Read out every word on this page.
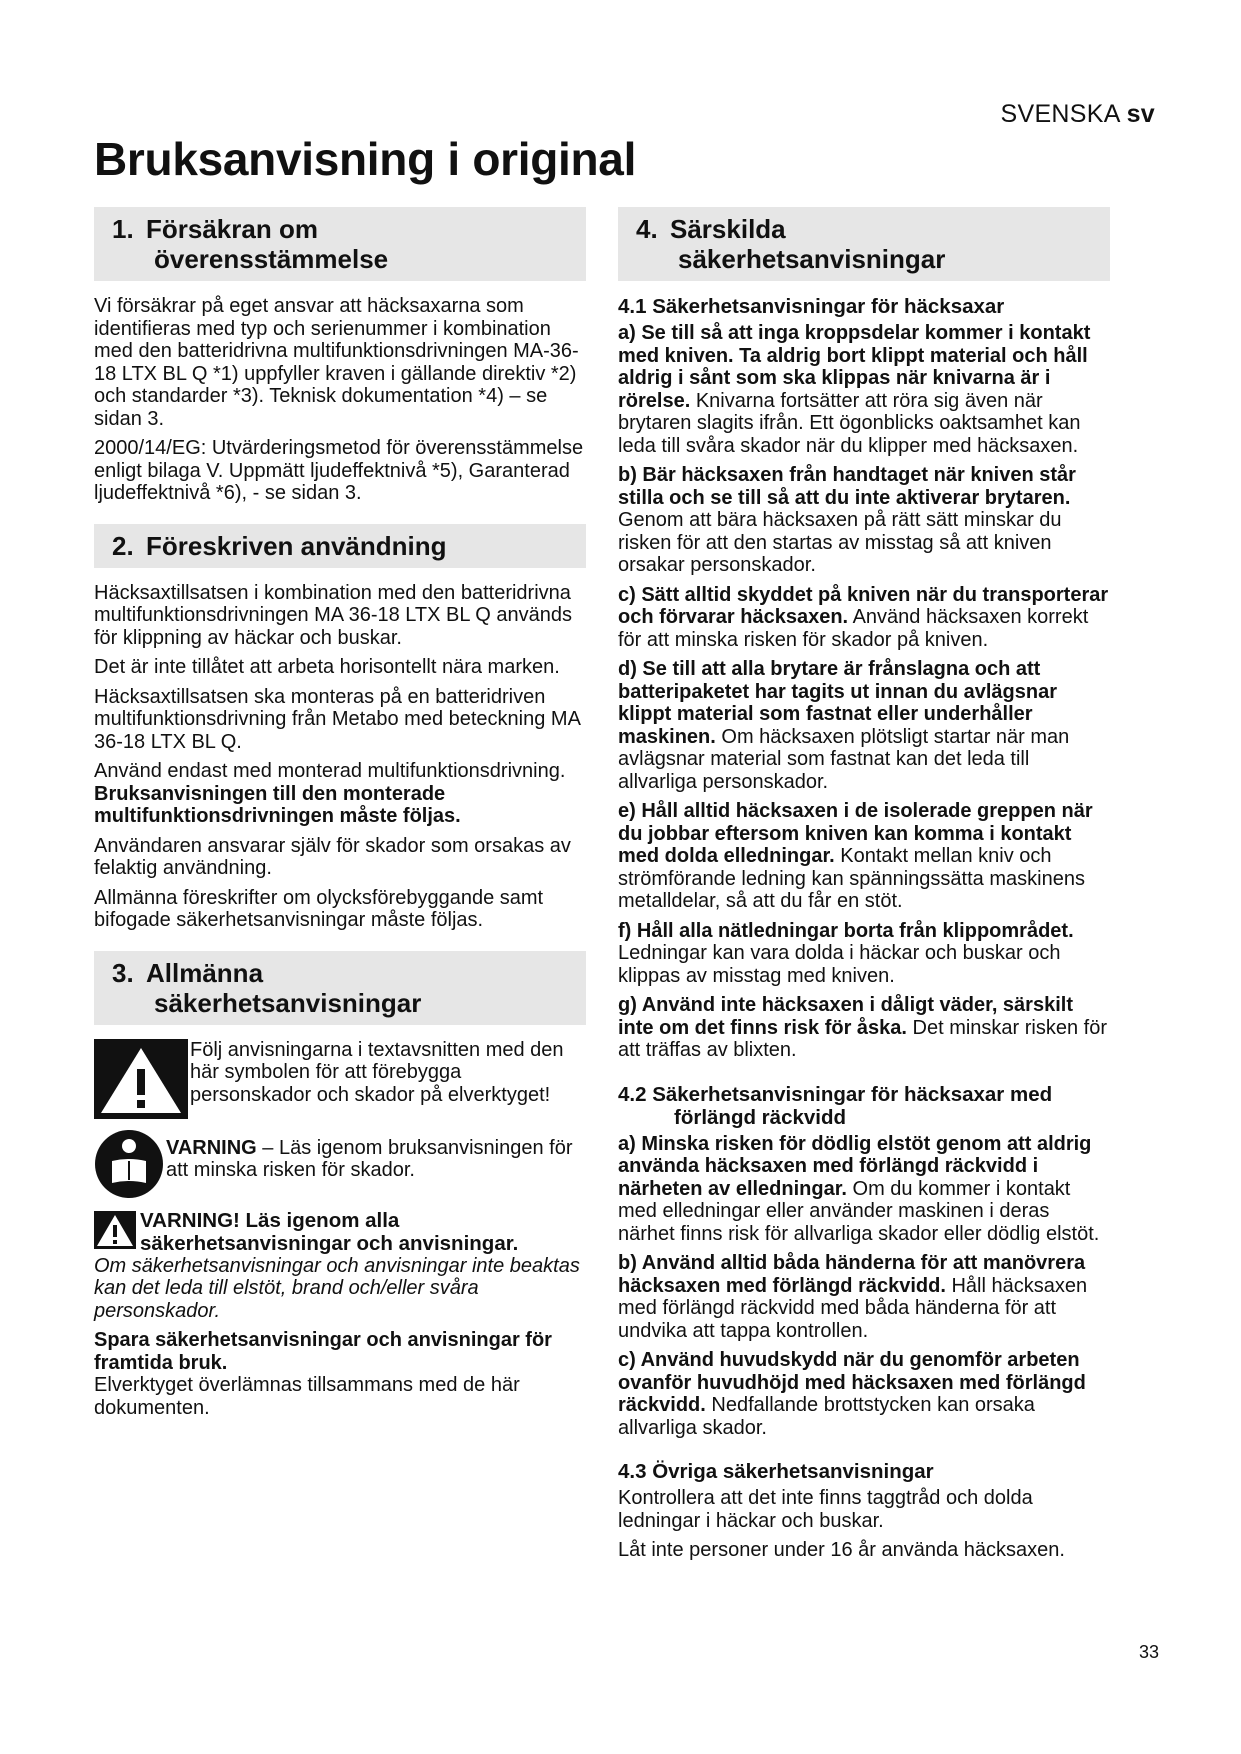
SVENSKA sv
Bruksanvisning i original
1. Försäkran om
överensstämmelse

Vi försäkrar på eget ansvar att häcksaxarna som identifieras med typ och serienummer i kombination med den batteridrivna multifunktionsdrivningen MA-36-18 LTX BL Q *1) uppfyller kraven i gällande direktiv *2) och standarder *3). Teknisk dokumentation *4) – se sidan 3.

2000/14/EG: Utvärderingsmetod för överensstämmelse enligt bilaga V. Uppmätt ljudeffektnivå *5), Garanterad ljudeffektnivå *6), - se sidan 3.

2. Föreskriven användning

Häcksaxtillsatsen i kombination med den batteridrivna multifunktionsdrivningen MA 36-18 LTX BL Q används för klippning av häckar och buskar.

Det är inte tillåtet att arbeta horisontellt nära marken.

Häcksaxtillsatsen ska monteras på en batteridriven multifunktionsdrivning från Metabo med beteckning MA 36-18 LTX BL Q.

Använd endast med monterad multifunktionsdrivning. Bruksanvisningen till den monterade multifunktionsdrivningen måste följas.

Användaren ansvarar själv för skador som orsakas av felaktig användning.

Allmänna föreskrifter om olycksförebyggande samt bifogade säkerhetsanvisningar måste följas.

3. Allmänna
säkerhetsanvisningar

Följ anvisningarna i textavsnitten med den här symbolen för att förebygga personskador och skador på elverktyget!

VARNING – Läs igenom bruksanvisningen för att minska risken för skador.

VARNING! Läs igenom alla säkerhetsanvisningar och anvisningar.

Om säkerhetsanvisningar och anvisningar inte beaktas kan det leda till elstöt, brand och/eller svåra personskador.

Spara säkerhetsanvisningar och anvisningar för framtida bruk.

Elverktyget överlämnas tillsammans med de här dokumenten.

4. Särskilda
säkerhetsanvisningar

4.1 Säkerhetsanvisningar för häcksaxar

a) Se till så att inga kroppsdelar kommer i kontakt med kniven. Ta aldrig bort klippt material och håll aldrig i sånt som ska klippas när knivarna är i rörelse. Knivarna fortsätter att röra sig även när brytaren slagits ifrån. Ett ögonblicks oaktsamhet kan leda till svåra skador när du klipper med häcksaxen.

b) Bär häcksaxen från handtaget när kniven står stilla och se till så att du inte aktiverar brytaren. Genom att bära häcksaxen på rätt sätt minskar du risken för att den startas av misstag så att kniven orsakar personskador.

c) Sätt alltid skyddet på kniven när du transporterar och förvarar häcksaxen. Använd häcksaxen korrekt för att minska risken för skador på kniven.

d) Se till att alla brytare är frånslagna och att batteripaketet har tagits ut innan du avlägsnar klippt material som fastnat eller underhåller maskinen. Om häcksaxen plötsligt startar när man avlägsnar material som fastnat kan det leda till allvarliga personskador.

e) Håll alltid häcksaxen i de isolerade greppen när du jobbar eftersom kniven kan komma i kontakt med dolda elledningar. Kontakt mellan kniv och strömförande ledning kan spänningssätta maskinens metalldelar, så att du får en stöt.

f) Håll alla nätledningar borta från klippområdet. Ledningar kan vara dolda i häckar och buskar och klippas av misstag med kniven.

g) Använd inte häcksaxen i dåligt väder, särskilt inte om det finns risk för åska. Det minskar risken för att träffas av blixten.

4.2 Säkerhetsanvisningar för häcksaxar med
förlängd räckvidd

a) Minska risken för dödlig elstöt genom att aldrig använda häcksaxen med förlängd räckvidd i närheten av elledningar. Om du kommer i kontakt med elledningar eller använder maskinen i deras närhet finns risk för allvarliga skador eller dödlig elstöt.

b) Använd alltid båda händerna för att manövrera häcksaxen med förlängd räckvidd. Håll häcksaxen med förlängd räckvidd med båda händerna för att undvika att tappa kontrollen.

c) Använd huvudskydd när du genomför arbeten ovanför huvudhöjd med häcksaxen med förlängd räckvidd. Nedfallande brottstycken kan orsaka allvarliga skador.

4.3 Övriga säkerhetsanvisningar

Kontrollera att det inte finns taggtråd och dolda ledningar i häckar och buskar.

Låt inte personer under 16 år använda häcksaxen.

33
